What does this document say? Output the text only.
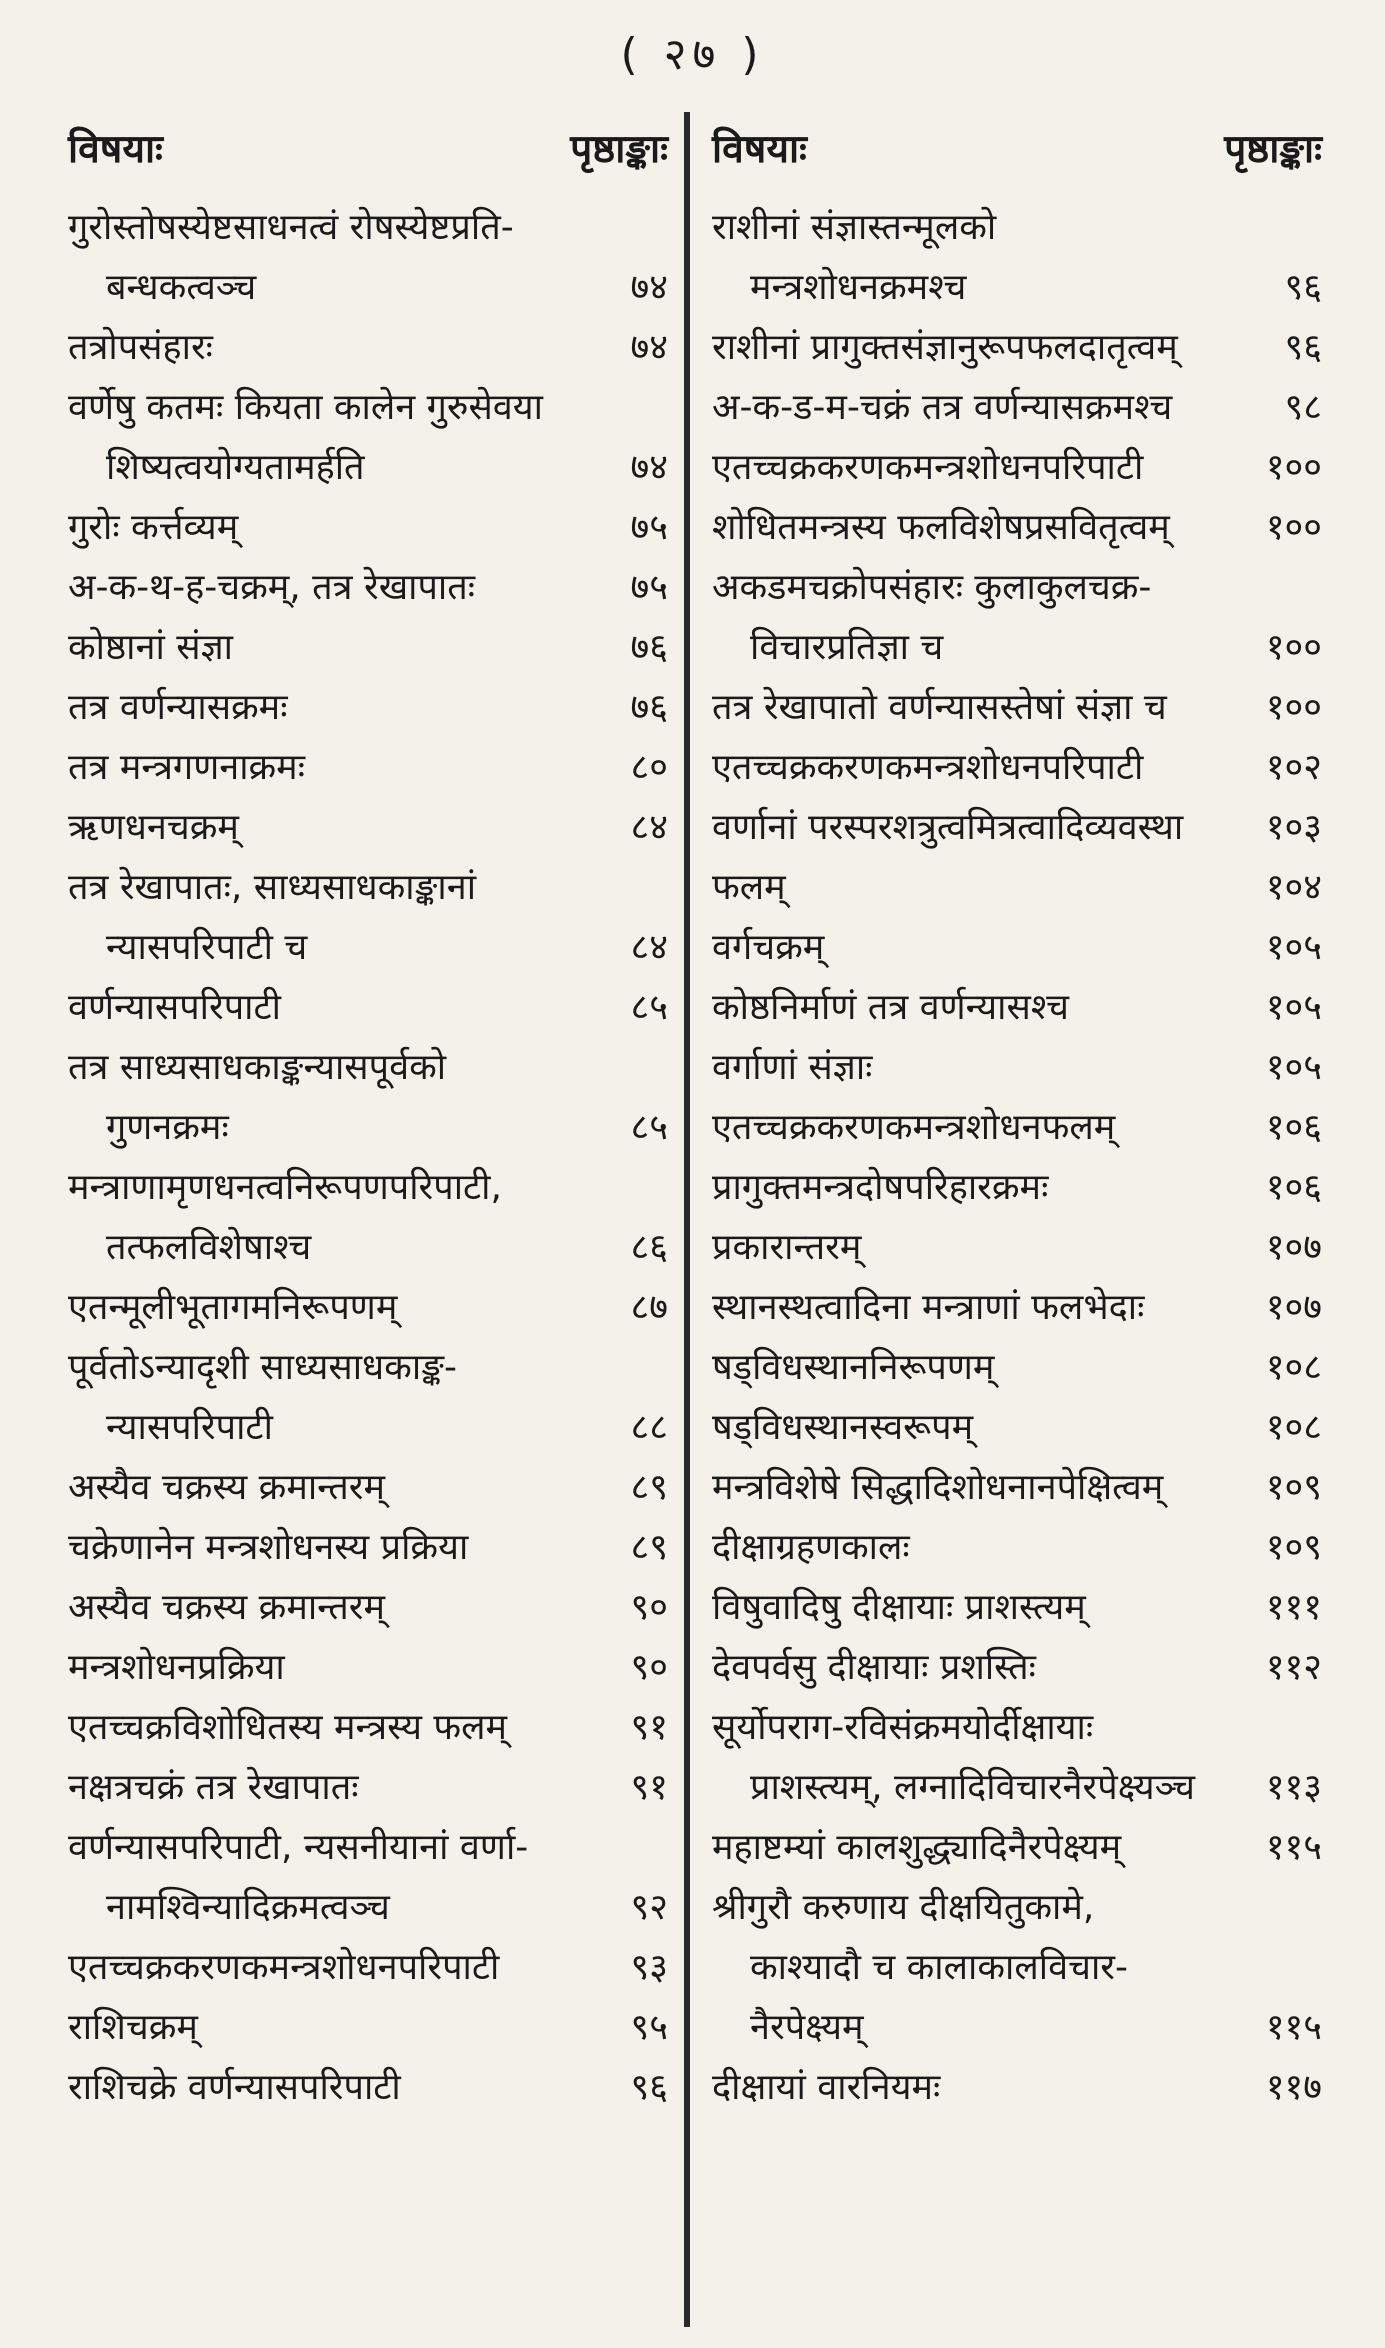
( २७ )
विषयाः	पृष्ठाङ्काः
गुरोस्तोषस्येष्टसाधनत्वं रोषस्येष्टप्रति-
बन्धकत्वञ्च	७४
तत्रोपसंहारः	७४
वर्णेषु कतमः कियता कालेन गुरुसेवया
शिष्यत्वयोग्यतामर्हति	७४
गुरोः कर्त्तव्यम्	७५
अ-क-थ-ह-चक्रम्, तत्र रेखापातः	७५
कोष्ठानां संज्ञा	७६
तत्र वर्णन्यासक्रमः	७६
तत्र मन्त्रगणनाक्रमः	८०
ऋणधनचक्रम्	८४
तत्र रेखापातः, साध्यसाधकाङ्कानां
न्यासपरिपाटी च	८४
वर्णन्यासपरिपाटी	८५
तत्र साध्यसाधकाङ्कन्यासपूर्वको
गुणनक्रमः	८५
मन्त्राणामृणधनत्वनिरूपणपरिपाटी,
तत्फलविशेषाश्च	८६
एतन्मूलीभूतागमनिरूपणम्	८७
पूर्वतोऽन्यादृशी साध्यसाधकाङ्क-
न्यासपरिपाटी	८८
अस्यैव चक्रस्य क्रमान्तरम्	८९
चक्रेणानेन मन्त्रशोधनस्य प्रक्रिया	८९
अस्यैव चक्रस्य क्रमान्तरम्	९०
मन्त्रशोधनप्रक्रिया	९०
एतच्चक्रविशोधितस्य मन्त्रस्य फलम्	९१
नक्षत्रचक्रं तत्र रेखापातः	९१
वर्णन्यासपरिपाटी, न्यसनीयानां वर्णा-
नामश्विन्यादिक्रमत्वञ्च	९२
एतच्चक्रकरणकमन्त्रशोधनपरिपाटी	९३
राशिचक्रम्	९५
राशिचक्रे वर्णन्यासपरिपाटी	९६
विषयाः	पृष्ठाङ्काः
राशीनां संज्ञास्तन्मूलको
मन्त्रशोधनक्रमश्च	९६
राशीनां प्रागुक्तसंज्ञानुरूपफलदातृत्वम्	९६
अ-क-ड-म-चक्रं तत्र वर्णन्यासक्रमश्च	९८
एतच्चक्रकरणकमन्त्रशोधनपरिपाटी	१००
शोधितमन्त्रस्य फलविशेषप्रसवितृत्वम्	१००
अकडमचक्रोपसंहारः कुलाकुलचक्र-
विचारप्रतिज्ञा च	१००
तत्र रेखापातो वर्णन्यासस्तेषां संज्ञा च	१००
एतच्चक्रकरणकमन्त्रशोधनपरिपाटी	१०२
वर्णानां परस्परशत्रुत्वमित्रत्वादिव्यवस्था १०३
फलम्	१०४
वर्गचक्रम्	१०५
कोष्ठनिर्माणं तत्र वर्णन्यासश्च	१०५
वर्गाणां संज्ञाः	१०५
एतच्चक्रकरणकमन्त्रशोधनफलम्	१०६
प्रागुक्तमन्त्रदोषपरिहारक्रमः	१०६
प्रकारान्तरम्	१०७
स्थानस्थत्वादिना मन्त्राणां फलभेदाः	१०७
षड्विधस्थाननिरूपणम्	१०८
षड्विधस्थानस्वरूपम्	१०८
मन्त्रविशेषे सिद्धादिशोधनानपेक्षित्वम्	१०९
दीक्षाग्रहणकालः	१०९
विषुवादिषु दीक्षायाः प्राशस्त्यम्	१११
देवपर्वसु दीक्षायाः प्रशस्तिः	११२
सूर्योपराग-रविसंक्रमयोर्दीक्षायाः
प्राशस्त्यम्, लग्नादिविचारनैरपेक्ष्यञ्च ११३
महाष्टम्यां कालशुद्ध्यादिनैरपेक्ष्यम्	११५
श्रीगुरौ करुणाय दीक्षयितुकामे,
काश्यादौ च कालाकालविचार-
नैरपेक्ष्यम्	११५
दीक्षायां वारनियमः	११७
